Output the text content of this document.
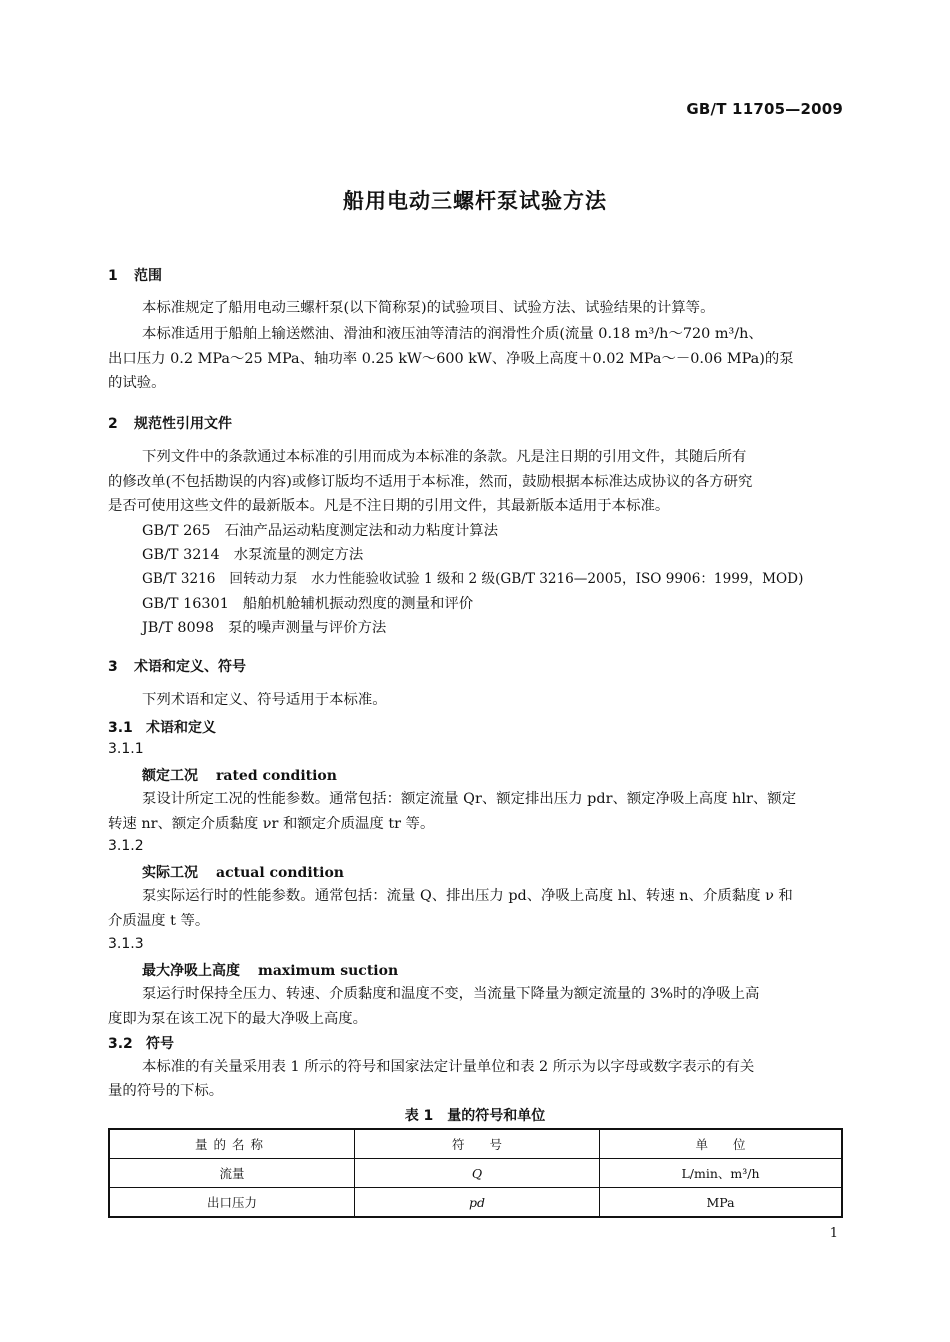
GB/T 11705—2009
船用电动三螺杆泵试验方法
1 范围
本标准规定了船用电动三螺杆泵(以下简称泵)的试验项目、试验方法、试验结果的计算等。
本标准适用于船舶上输送燃油、滑油和液压油等清洁的润滑性介质(流量 0.18 m³/h～720 m³/h、
出口压力 0.2 MPa～25 MPa、轴功率 0.25 kW～600 kW、净吸上高度＋0.02 MPa～－0.06 MPa)的泵
的试验。
2 规范性引用文件
下列文件中的条款通过本标准的引用而成为本标准的条款。凡是注日期的引用文件，其随后所有
的修改单(不包括勘误的内容)或修订版均不适用于本标准，然而，鼓励根据本标准达成协议的各方研究
是否可使用这些文件的最新版本。凡是不注日期的引用文件，其最新版本适用于本标准。
GB/T 265 石油产品运动粘度测定法和动力粘度计算法
GB/T 3214 水泵流量的测定方法
GB/T 3216 回转动力泵　水力性能验收试验 1 级和 2 级(GB/T 3216—2005，ISO 9906：1999，MOD)
GB/T 16301 船舶机舱辅机振动烈度的测量和评价
JB/T 8098 泵的噪声测量与评价方法
3 术语和定义、符号
下列术语和定义、符号适用于本标准。
3.1 术语和定义
3.1.1
额定工况 rated condition
泵设计所定工况的性能参数。通常包括：额定流量 Qr、额定排出压力 pdr、额定净吸上高度 hlr、额定
转速 nr、额定介质黏度 νr 和额定介质温度 tr 等。
3.1.2
实际工况 actual condition
泵实际运行时的性能参数。通常包括：流量 Q、排出压力 pd、净吸上高度 hl、转速 n、介质黏度 ν 和
介质温度 t 等。
3.1.3
最大净吸上高度 maximum suction
泵运行时保持全压力、转速、介质黏度和温度不变，当流量下降量为额定流量的 3%时的净吸上高
度即为泵在该工况下的最大净吸上高度。
3.2 符号
本标准的有关量采用表 1 所示的符号和国家法定计量单位和表 2 所示为以字母或数字表示的有关
量的符号的下标。
表 1　量的符号和单位
量的名称	符　　号	单　　位
流量	Q	L/min、m³/h
出口压力	pd	MPa
1
